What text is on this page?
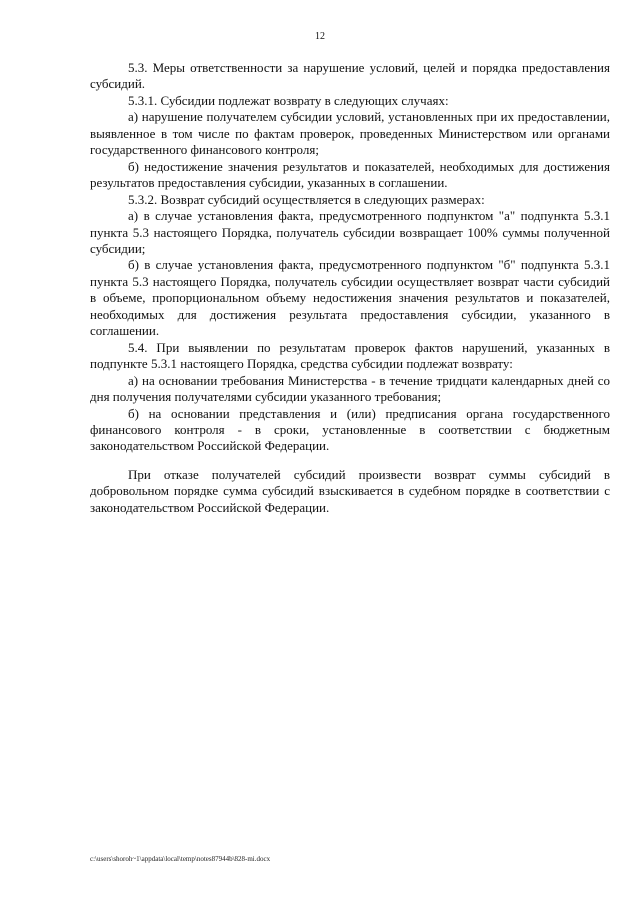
12

5.3. Меры ответственности за нарушение условий, целей и порядка предоставления субсидий.

5.3.1. Субсидии подлежат возврату в следующих случаях:

а) нарушение получателем субсидии условий, установленных при их предоставлении, выявленное в том числе по фактам проверок, проведенных Министерством или органами государственного финансового контроля;

б) недостижение значения результатов и показателей, необходимых для достижения результатов предоставления субсидии, указанных в соглашении.

5.3.2. Возврат субсидий осуществляется в следующих размерах:

а) в случае установления факта, предусмотренного подпунктом "а" подпункта 5.3.1 пункта 5.3 настоящего Порядка, получатель субсидии возвращает 100% суммы полученной субсидии;

б) в случае установления факта, предусмотренного подпунктом "б" подпункта 5.3.1 пункта 5.3 настоящего Порядка, получатель субсидии осуществляет возврат части субсидий в объеме, пропорциональном объему недостижения значения результатов и показателей, необходимых для достижения результата предоставления субсидии, указанного в соглашении.

5.4. При выявлении по результатам проверок фактов нарушений, указанных в подпункте 5.3.1 настоящего Порядка, средства субсидии подлежат возврату:

а) на основании требования Министерства - в течение тридцати календарных дней со дня получения получателями субсидии указанного требования;

б) на основании представления и (или) предписания органа государственного финансового контроля - в сроки, установленные в соответствии с бюджетным законодательством Российской Федерации.

При отказе получателей субсидий произвести возврат суммы субсидий в добровольном порядке сумма субсидий взыскивается в судебном порядке в соответствии с законодательством Российской Федерации.

c:\users\shoroh~1\appdata\local\temp\notes87944b\828-mi.docx
